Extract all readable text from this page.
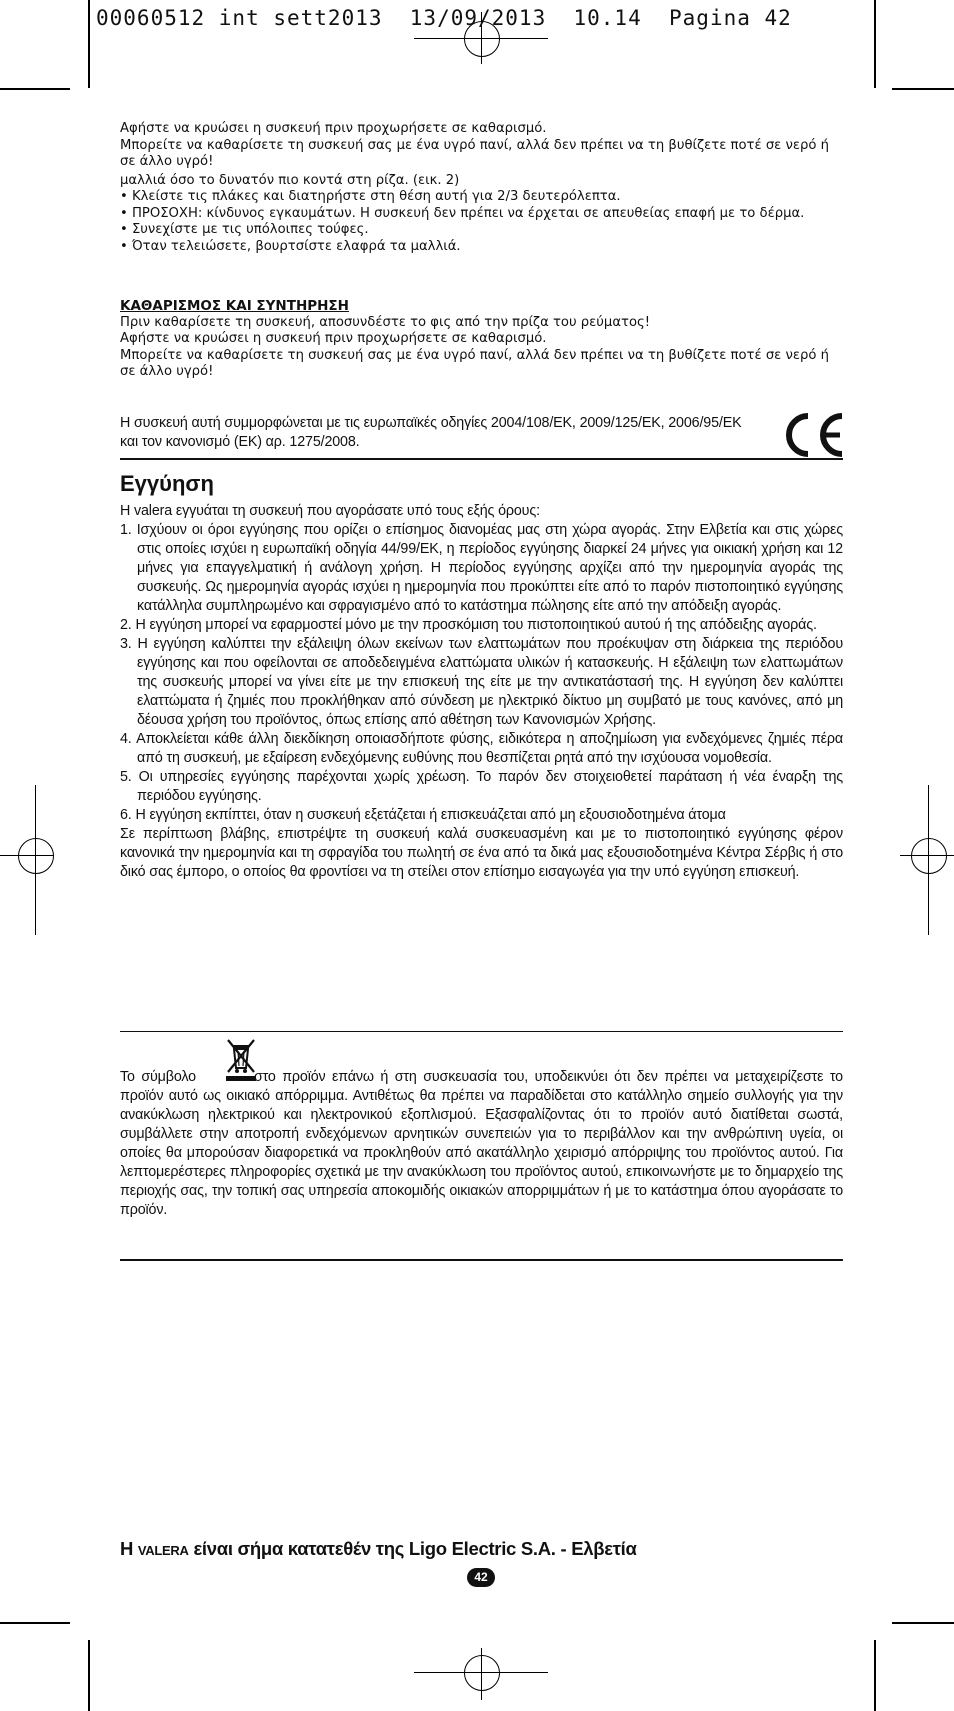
00060512 int sett2013  13/09/2013  10.14  Pagina 42

Αφήστε να κρυώσει η συσκευή πριν προχωρήσετε σε καθαρισμό.

Μπορείτε να καθαρίσετε τη συσκευή σας με ένα υγρό πανί, αλλά δεν πρέπει να τη βυθίζετε ποτέ σε νερό ή σε άλλο υγρό!

μαλλιά όσο το δυνατόν πιο κοντά στη ρίζα. (εικ. 2)

• Κλείστε τις πλάκες και διατηρήστε στη θέση αυτή για 2/3 δευτερόλεπτα.

• ΠΡΟΣΟΧΗ: κίνδυνος εγκαυμάτων. Η συσκευή δεν πρέπει να έρχεται σε απευθείας επαφή με το δέρμα.

• Συνεχίστε με τις υπόλοιπες τούφες.

• Όταν τελειώσετε, βουρτσίστε ελαφρά τα μαλλιά.

ΚΑΘΑΡΙΣΜΟΣ ΚΑΙ ΣΥΝΤΗΡΗΣΗ

Πριν καθαρίσετε τη συσκευή, αποσυνδέστε το φις από την πρίζα του ρεύματος!

Αφήστε να κρυώσει η συσκευή πριν προχωρήσετε σε καθαρισμό.

Μπορείτε να καθαρίσετε τη συσκευή σας με ένα υγρό πανί, αλλά δεν πρέπει να τη βυθίζετε ποτέ σε νερό ή σε άλλο υγρό!

Η συσκευή αυτή συμμορφώνεται με τις ευρωπαϊκές οδηγίες 2004/108/ΕΚ, 2009/125/ΕΚ, 2006/95/ΕΚ και τον κανονισμό (ΕΚ) αρ. 1275/2008.

Εγγύηση

Η valera εγγυάται τη συσκευή που αγοράσατε υπό τους εξής όρους:

1. Ισχύουν οι όροι εγγύησης που ορίζει ο επίσημος διανομέας μας στη χώρα αγοράς. Στην Ελβετία και στις χώρες στις οποίες ισχύει η ευρωπαϊκή οδηγία 44/99/ΕΚ, η περίοδος εγγύησης διαρκεί 24 μήνες για οικιακή χρήση και 12 μήνες για επαγγελματική ή ανάλογη χρήση. Η περίοδος εγγύησης αρχίζει από την ημερομηνία αγοράς της συσκευής. Ως ημερομηνία αγοράς ισχύει η ημερομηνία που προκύπτει είτε από το παρόν πιστοποιητικό εγγύησης κατάλληλα συμπληρωμένο και σφραγισμένο από το κατάστημα πώλησης είτε από την απόδειξη αγοράς.

2. Η εγγύηση μπορεί να εφαρμοστεί μόνο με την προσκόμιση του πιστοποιητικού αυτού ή της απόδειξης αγοράς.

3. Η εγγύηση καλύπτει την εξάλειψη όλων εκείνων των ελαττωμάτων που προέκυψαν στη διάρκεια της περιόδου εγγύησης και που οφείλονται σε αποδεδειγμένα ελαττώματα υλικών ή κατασκευής. Η εξάλειψη των ελαττωμάτων της συσκευής μπορεί να γίνει είτε με την επισκευή της είτε με την αντικατάστασή της. Η εγγύηση δεν καλύπτει ελαττώματα ή ζημιές που προκλήθηκαν από σύνδεση με ηλεκτρικό δίκτυο μη συμβατό με τους κανόνες, από μη δέουσα χρήση του προϊόντος, όπως επίσης από αθέτηση των Κανονισμών Χρήσης.

4. Αποκλείεται κάθε άλλη διεκδίκηση οποιασδήποτε φύσης, ειδικότερα η αποζημίωση για ενδεχόμενες ζημιές πέρα από τη συσκευή, με εξαίρεση ενδεχόμενης ευθύνης που θεσπίζεται ρητά από την ισχύουσα νομοθεσία.

5. Οι υπηρεσίες εγγύησης παρέχονται χωρίς χρέωση. Το παρόν δεν στοιχειοθετεί παράταση ή νέα έναρξη της περιόδου εγγύησης.

6. Η εγγύηση εκπίπτει, όταν η συσκευή εξετάζεται ή επισκευάζεται από μη εξουσιοδοτημένα άτομα

Σε περίπτωση βλάβης, επιστρέψτε τη συσκευή καλά συσκευασμένη και με το πιστοποιητικό εγγύησης φέρον κανονικά την ημερομηνία και τη σφραγίδα του πωλητή σε ένα από τα δικά μας εξουσιοδοτημένα Κέντρα Σέρβις ή στο δικό σας έμπορο, ο οποίος θα φροντίσει να τη στείλει στον επίσημο εισαγωγέα για την υπό εγγύηση επισκευή.

Το σύμβολο	στο προϊόν επάνω ή στη συσκευασία του, υποδεικνύει ότι δεν πρέπει να μεταχειρίζεστε το προϊόν αυτό ως οικιακό απόρριμμα. Αντιθέτως θα πρέπει να παραδίδεται στο κατάλληλο σημείο συλλογής για την ανακύκλωση ηλεκτρικού και ηλεκτρονικού εξοπλισμού. Εξασφαλίζοντας ότι το προϊόν αυτό διατίθεται σωστά, συμβάλλετε στην αποτροπή ενδεχόμενων αρνητικών συνεπειών για το περιβάλλον και την ανθρώπινη υγεία, οι οποίες θα μπορούσαν διαφορετικά να προκληθούν από ακατάλληλο χειρισμό απόρριψης του προϊόντος αυτού. Για λεπτομερέστερες πληροφορίες σχετικά με την ανακύκλωση του προϊόντος αυτού, επικοινωνήστε με το δημαρχείο της περιοχής σας, την τοπική σας υπηρεσία αποκομιδής οικιακών απορριμμάτων ή με το κατάστημα όπου αγοράσατε το προϊόν.

Η VALERA είναι σήμα κατατεθέν της Ligo Electric S.A. - Ελβετία
42
